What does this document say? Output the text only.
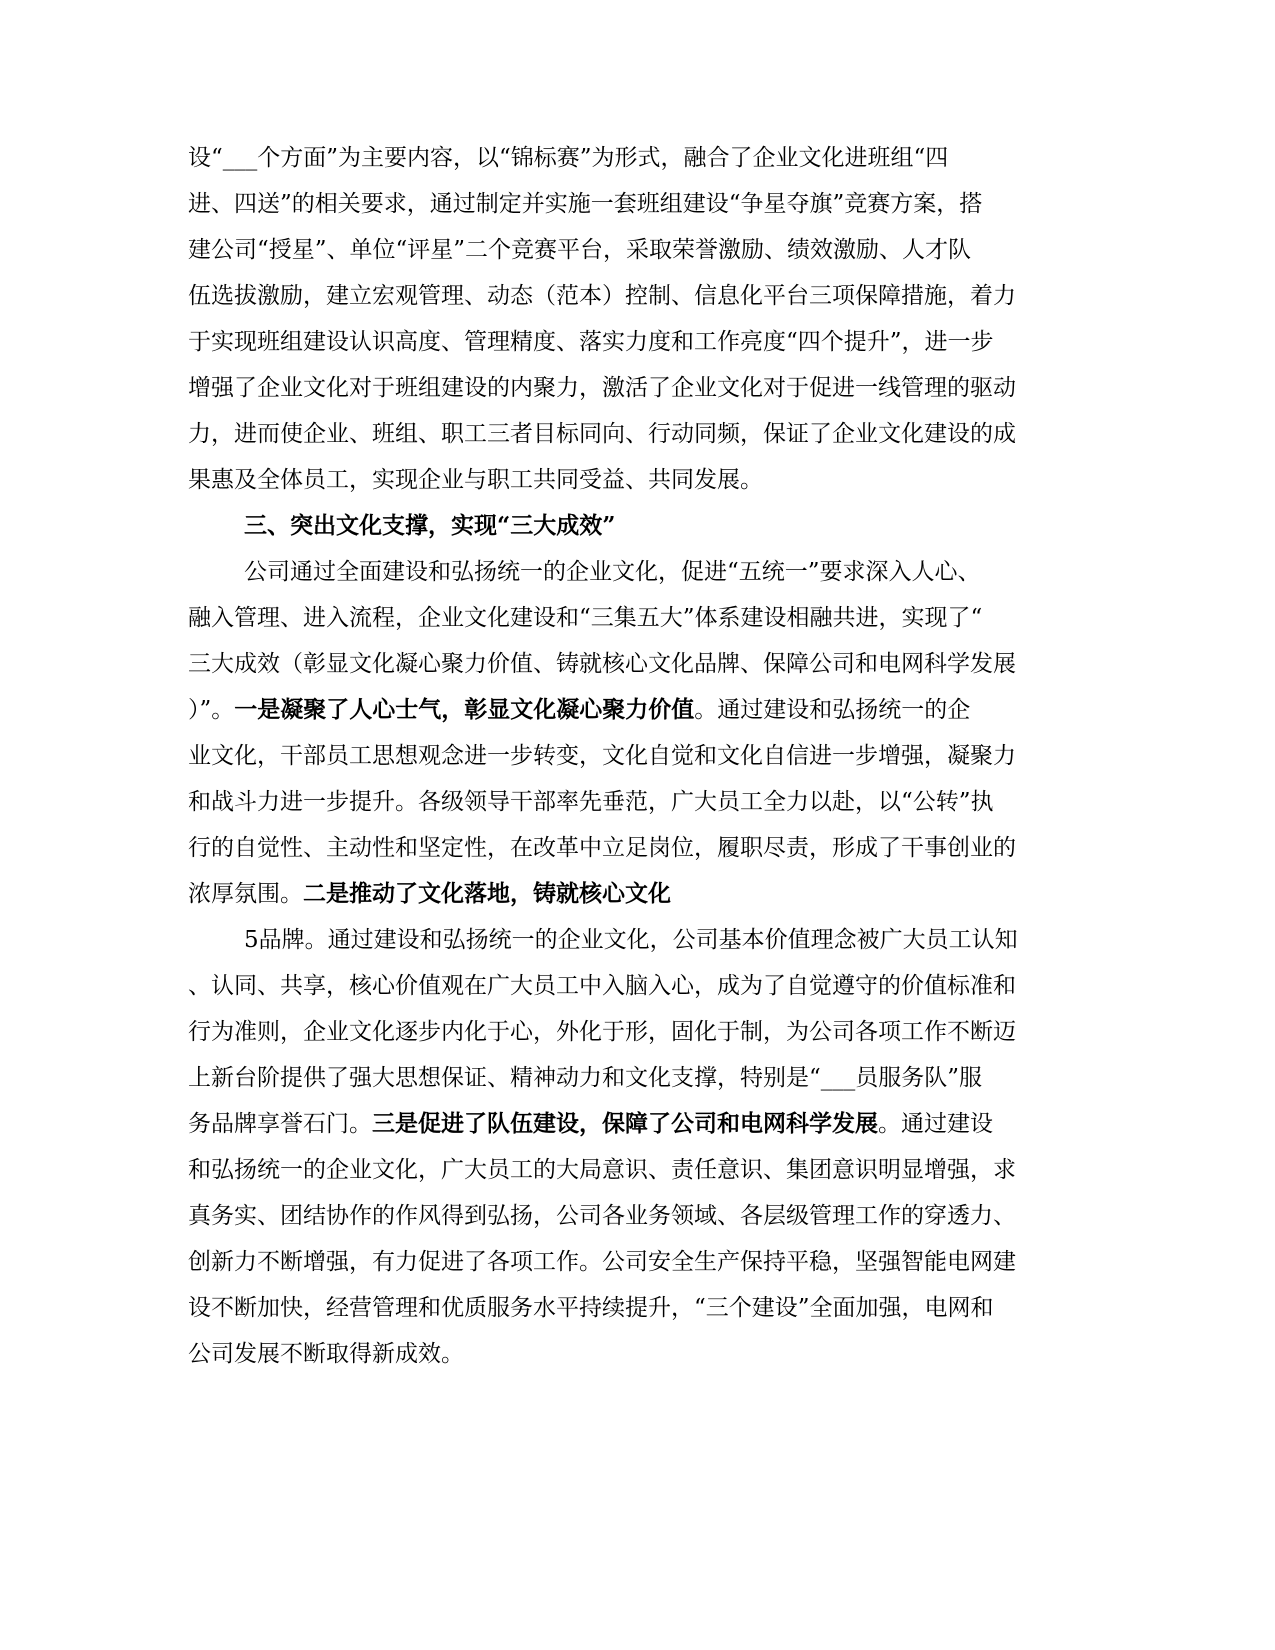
设“___个方面”为主要内容，以“锦标赛”为形式，融合了企业文化进班组“四
进、四送”的相关要求，通过制定并实施一套班组建设“争星夺旗”竞赛方案，搭
建公司“授星”、单位“评星”二个竞赛平台，采取荣誉激励、绩效激励、人才队
伍选拔激励，建立宏观管理、动态（范本）控制、信息化平台三项保障措施，着力
于实现班组建设认识高度、管理精度、落实力度和工作亮度“四个提升”，进一步
增强了企业文化对于班组建设的内聚力，激活了企业文化对于促进一线管理的驱动
力，进而使企业、班组、职工三者目标同向、行动同频，保证了企业文化建设的成
果惠及全体员工，实现企业与职工共同受益、共同发展。
三、突出文化支撑，实现“三大成效”
公司通过全面建设和弘扬统一的企业文化，促进“五统一”要求深入人心、
融入管理、进入流程，企业文化建设和“三集五大”体系建设相融共进，实现了“
三大成效（彰显文化凝心聚力价值、铸就核心文化品牌、保障公司和电网科学发展
）”。一是凝聚了人心士气，彰显文化凝心聚力价值。通过建设和弘扬统一的企
业文化，干部员工思想观念进一步转变，文化自觉和文化自信进一步增强，凝聚力
和战斗力进一步提升。各级领导干部率先垂范，广大员工全力以赴，以“公转”执
行的自觉性、主动性和坚定性，在改革中立足岗位，履职尽责，形成了干事创业的
浓厚氛围。二是推动了文化落地，铸就核心文化
5品牌。通过建设和弘扬统一的企业文化，公司基本价值理念被广大员工认知
、认同、共享，核心价值观在广大员工中入脑入心，成为了自觉遵守的价值标准和
行为准则，企业文化逐步内化于心，外化于形，固化于制，为公司各项工作不断迈
上新台阶提供了强大思想保证、精神动力和文化支撑，特别是“___员服务队”服
务品牌享誉石门。三是促进了队伍建设，保障了公司和电网科学发展。通过建设
和弘扬统一的企业文化，广大员工的大局意识、责任意识、集团意识明显增强，求
真务实、团结协作的作风得到弘扬，公司各业务领域、各层级管理工作的穿透力、
创新力不断增强，有力促进了各项工作。公司安全生产保持平稳，坚强智能电网建
设不断加快，经营管理和优质服务水平持续提升，“三个建设”全面加强，电网和
公司发展不断取得新成效。
